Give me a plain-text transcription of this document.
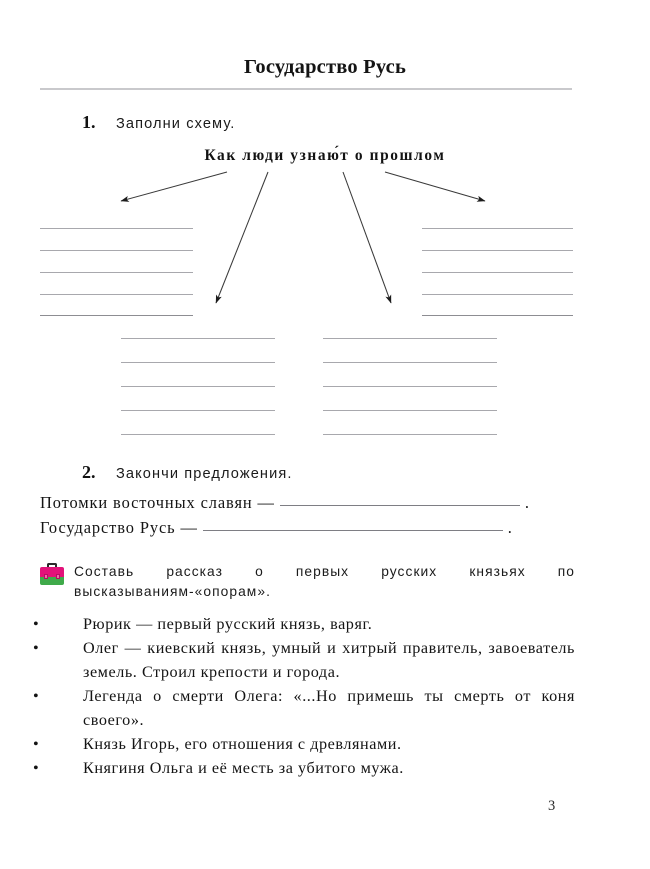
Государство Русь
1.	Заполни схему.
Как люди узнаю́т о прошлом
2.	Закончи предложения.
Потомки восточных славян —	.
Государство Русь —	.
Составь рассказ о первых русских князьях по высказываниям-«опорам».
•	Рюрик — первый русский князь, варяг.
•	Олег — киевский князь, умный и хитрый правитель, завоеватель земель. Строил крепости и города.
•	Легенда о смерти Олега: «...Но примешь ты смерть от коня своего».
•	Князь Игорь, его отношения с древлянами.
•	Княгиня Ольга и её месть за убитого мужа.
3
